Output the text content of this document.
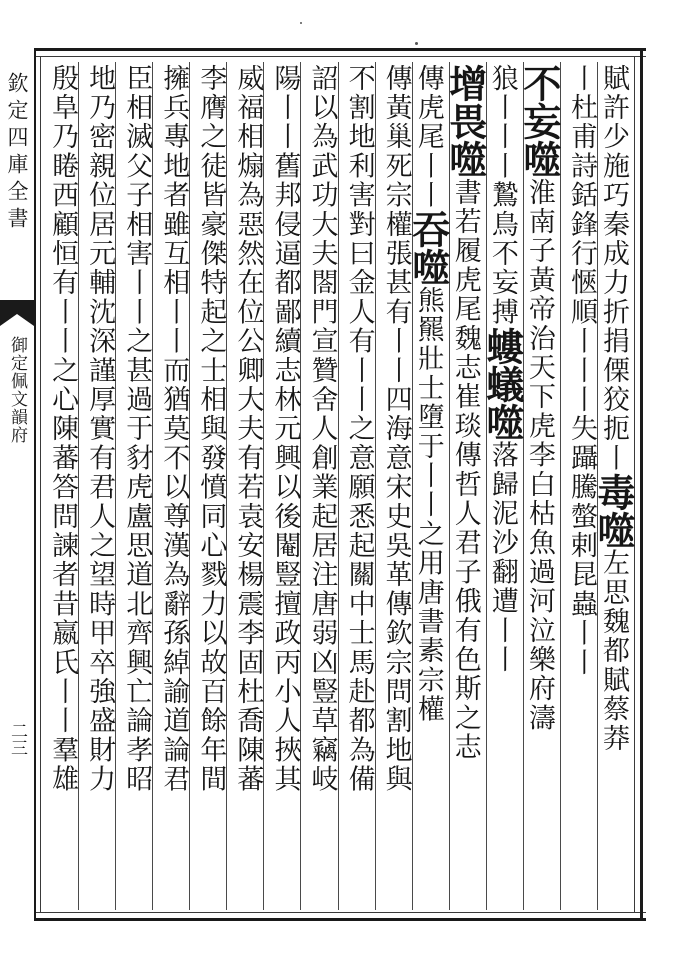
欽定四庫全書
御定佩文韻府
二三
賦許少施巧秦成力折捐傈狡扼丨毒噬左思魏都賦蔡莽
丨杜甫詩銛鋒行愜順丨丨丨失躡騰螫剌昆蟲丨丨
不妄噬淮南子黃帝治天下虎李白枯魚過河泣樂府濤
狼丨丨丨鷙鳥不妄搏螻蟻噬落歸泥沙翻遭丨丨
增畏噬書若履虎尾魏志崔琰傳哲人君子俄有色斯之志
傳虎尾丨丨吞噬熊羆壯士墮于丨丨之用唐書素宗權
傳黃巢死宗權張甚有丨丨四海意宋史吳革傳欽宗問割地與
不割地利害對曰金人有丨丨之意願悉起關中士馬赴都為備
詔以為武功大夫閤門宣贊舍人創業起居注唐弱凶豎草竊岐
陽丨丨舊邦侵逼都鄙續志林元興以後閹豎擅政丙小人挾其
威福相煽為惡然在位公卿大夫有若袁安楊震李固杜喬陳蕃
李膺之徒皆豪傑特起之士相與發憤同心戮力以故百餘年間
擁兵專地者雖互相丨丨而猶莫不以尊漢為辭孫綽諭道論君
臣相滅父子相害丨丨之甚過于豺虎盧思道北齊興亡論孝昭
地乃密親位居元輔沈深謹厚實有君人之望時甲卒強盛財力
殷阜乃睠西顧恒有丨丨之心陳蕃答問諫者昔嬴氏丨丨羣雄
